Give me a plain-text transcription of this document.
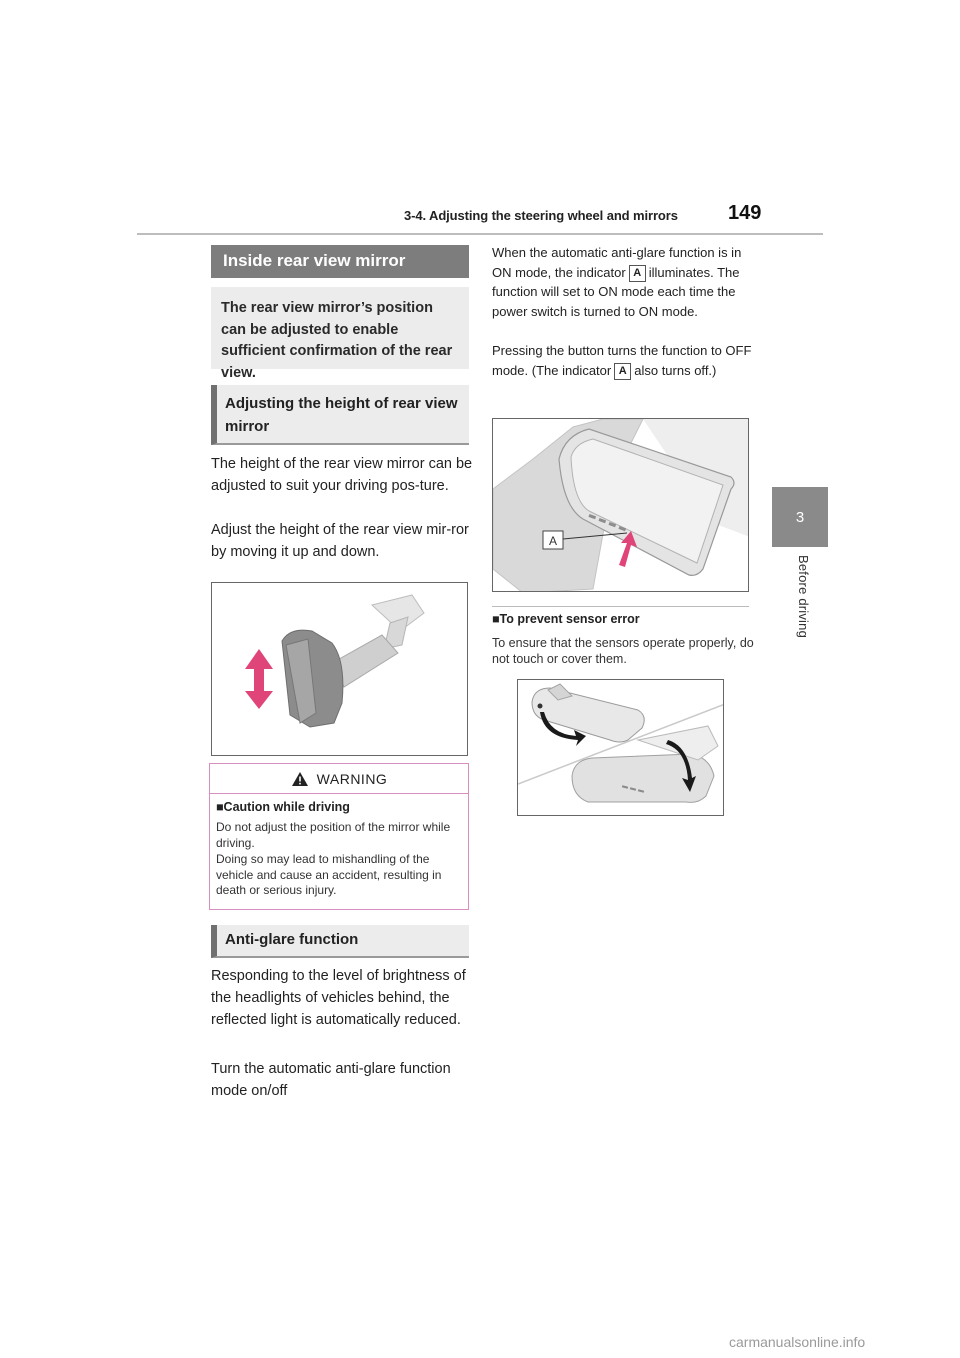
3-4. Adjusting the steering wheel and mirrors	149
3
Before driving
Inside rear view mirror
The rear view mirror’s position can be adjusted to enable sufficient confirmation of the rear view.
Adjusting the height of rear view mirror
The height of the rear view mirror can be adjusted to suit your driving pos-ture.
Adjust the height of the rear view mir-ror by moving it up and down.
WARNING
■Caution while driving
Do not adjust the position of the mirror while driving.
Doing so may lead to mishandling of the vehicle and cause an accident, resulting in death or serious injury.
Anti-glare function
Responding to the level of brightness of the headlights of vehicles behind, the reflected light is automatically reduced.
Turn the automatic anti-glare function mode on/off
When the automatic anti-glare function is in ON mode, the indicator A illuminates. The function will set to ON mode each time the power switch is turned to ON mode.
Pressing the button turns the function to OFF mode. (The indicator A also turns off.)
A
■To prevent sensor error
To ensure that the sensors operate properly, do not touch or cover them.
carmanualsonline.info
